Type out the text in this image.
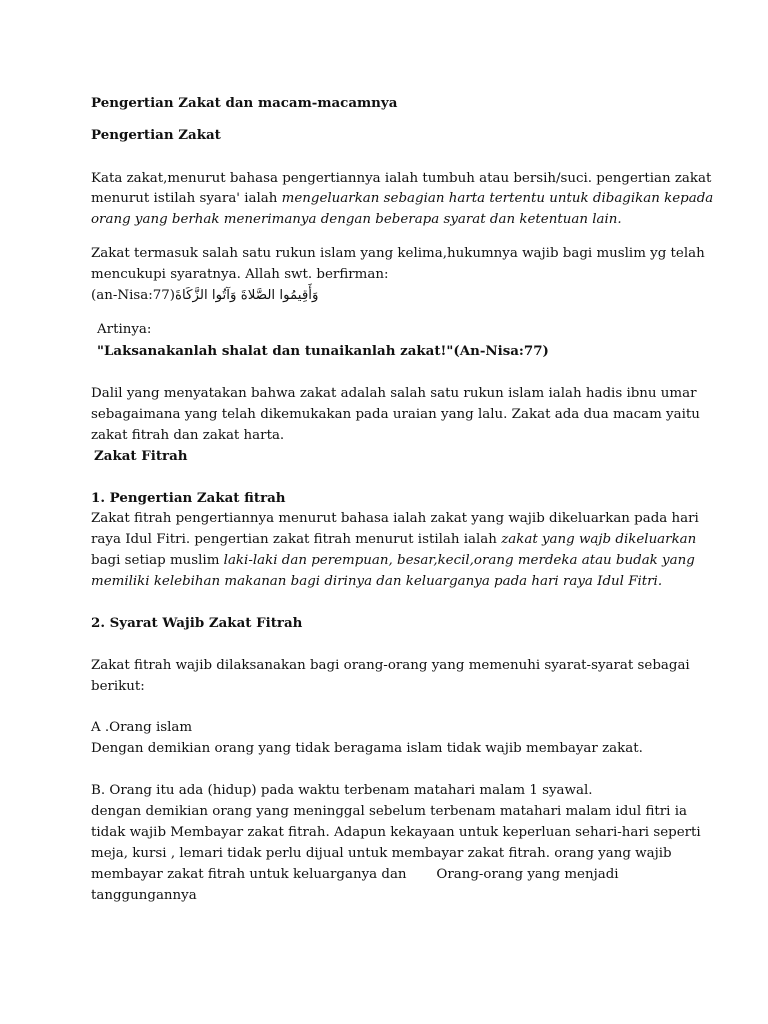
Pengertian Zakat dan macam-macamnya
Pengertian Zakat
Kata zakat,menurut bahasa pengertiannya ialah tumbuh atau bersih/suci. pengertian zakat
menurut istilah syara' ialah mengeluarkan sebagian harta tertentu untuk dibagikan kepada
orang yang berhak menerimanya dengan beberapa syarat dan ketentuan lain.
Zakat termasuk salah satu rukun islam yang kelima,hukumnya wajib bagi muslim yg telah
mencukupi syaratnya. Allah swt. berfirman:
(an-Nisa:77)وَأَقِيمُوا الصَّلاةَ وَآتُوا الزَّكَاةَ
Artinya:
"Laksanakanlah shalat dan tunaikanlah zakat!"(An-Nisa:77)
Dalil yang menyatakan bahwa zakat adalah salah satu rukun islam ialah hadis ibnu umar
sebagaimana yang telah dikemukakan pada uraian yang lalu. Zakat ada dua macam yaitu
zakat fitrah dan zakat harta.
Zakat Fitrah
1. Pengertian Zakat fitrah
Zakat fitrah pengertiannya menurut bahasa ialah zakat yang wajib dikeluarkan pada hari
raya Idul Fitri. pengertian zakat fitrah menurut istilah ialah zakat yang wajb dikeluarkan
bagi setiap muslim laki-laki dan perempuan, besar,kecil,orang merdeka atau budak yang
memiliki kelebihan makanan bagi dirinya dan keluarganya pada hari raya Idul Fitri.
2. Syarat Wajib Zakat Fitrah
Zakat fitrah wajib dilaksanakan bagi orang-orang yang memenuhi syarat-syarat sebagai
berikut:
A .Orang islam
Dengan demikian orang yang tidak beragama islam tidak wajib membayar zakat.
B. Orang itu ada (hidup) pada waktu terbenam matahari malam 1 syawal.
dengan demikian orang yang meninggal sebelum terbenam matahari malam idul fitri ia
tidak wajib Membayar zakat fitrah. Adapun kekayaan untuk keperluan sehari-hari seperti
meja, kursi , lemari tidak perlu dijual untuk membayar zakat fitrah. orang yang wajib
membayar zakat fitrah untuk keluarganya dan       Orang-orang yang menjadi
tanggungannya
